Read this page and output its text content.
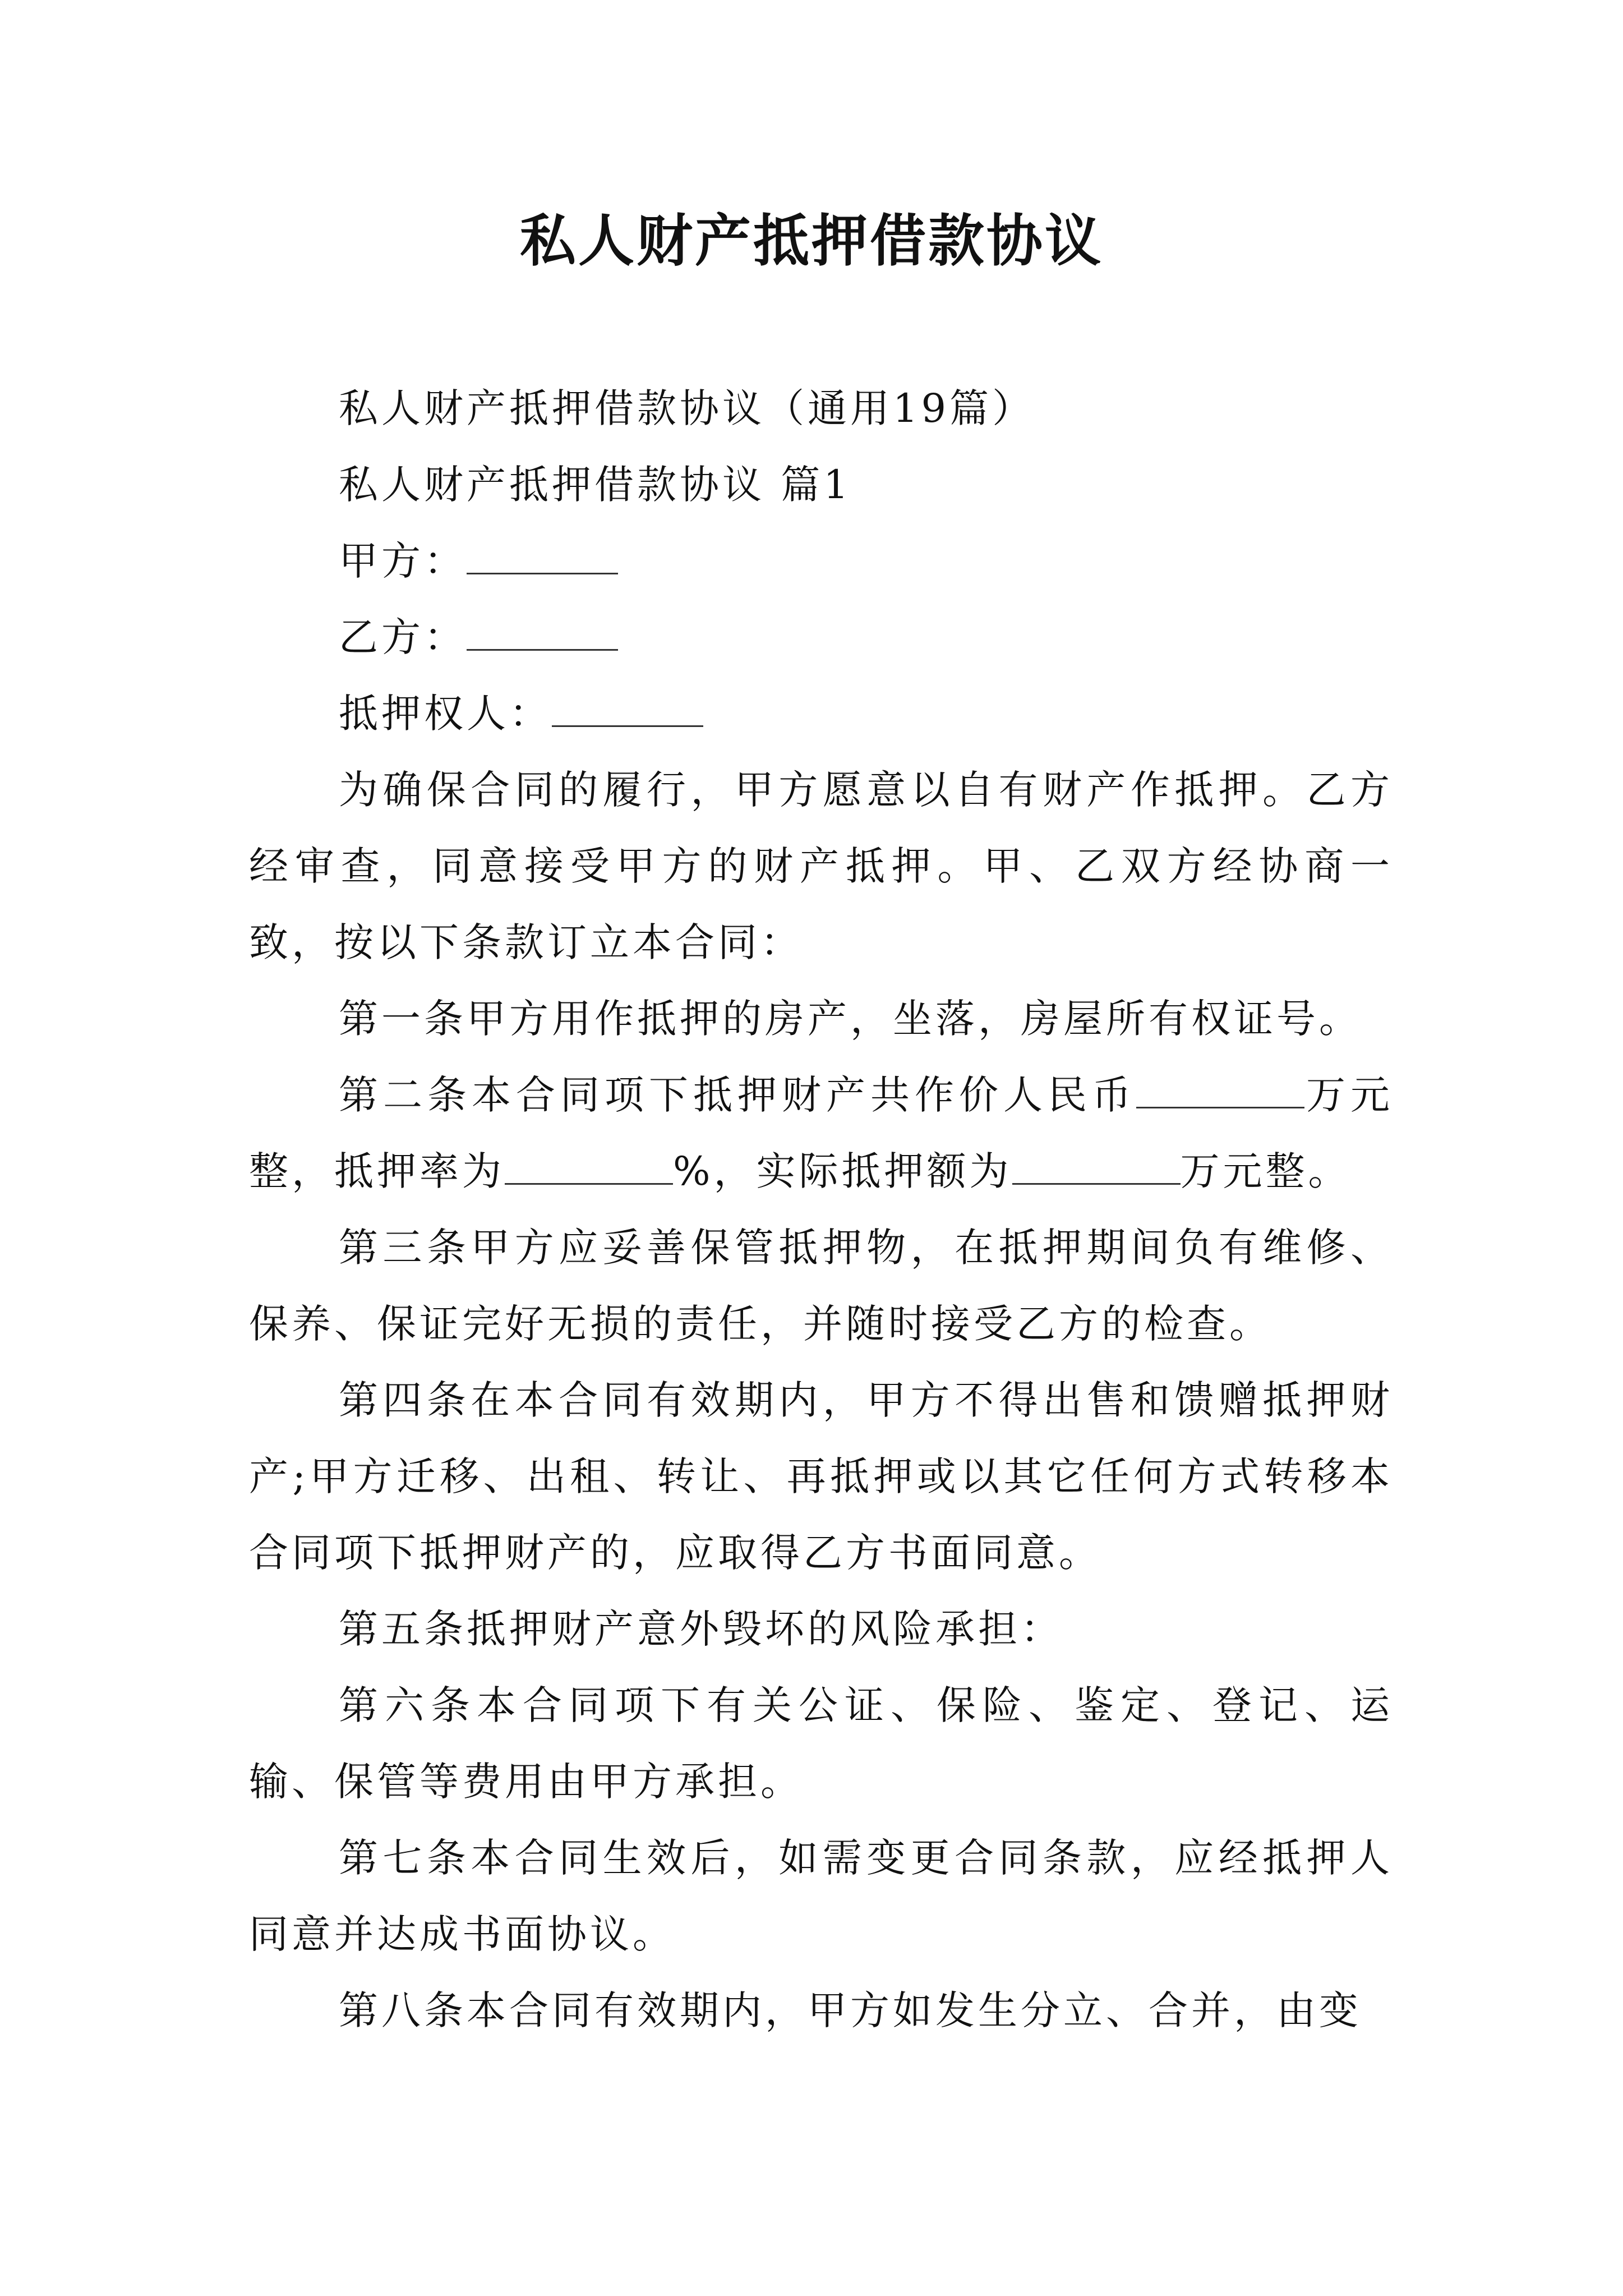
私人财产抵押借款协议

私人财产抵押借款协议（通用19篇）

私人财产抵押借款协议 篇1

甲方：

乙方：

抵押权人：

为确保合同的履行，甲方愿意以自有财产作抵押。乙方经审查，同意接受甲方的财产抵押。甲、乙双方经协商一致，按以下条款订立本合同：

第一条甲方用作抵押的房产，坐落，房屋所有权证号。

第二条本合同项下抵押财产共作价人民币	万元整，抵押率为	%，实际抵押额为	万元整。

第三条甲方应妥善保管抵押物，在抵押期间负有维修、保养、保证完好无损的责任，并随时接受乙方的检查。

第四条在本合同有效期内，甲方不得出售和馈赠抵押财产;甲方迁移、出租、转让、再抵押或以其它任何方式转移本合同项下抵押财产的，应取得乙方书面同意。

第五条抵押财产意外毁坏的风险承担：

第六条本合同项下有关公证、保险、鉴定、登记、运输、保管等费用由甲方承担。

第七条本合同生效后，如需变更合同条款，应经抵押人同意并达成书面协议。

第八条本合同有效期内，甲方如发生分立、合并，由变
